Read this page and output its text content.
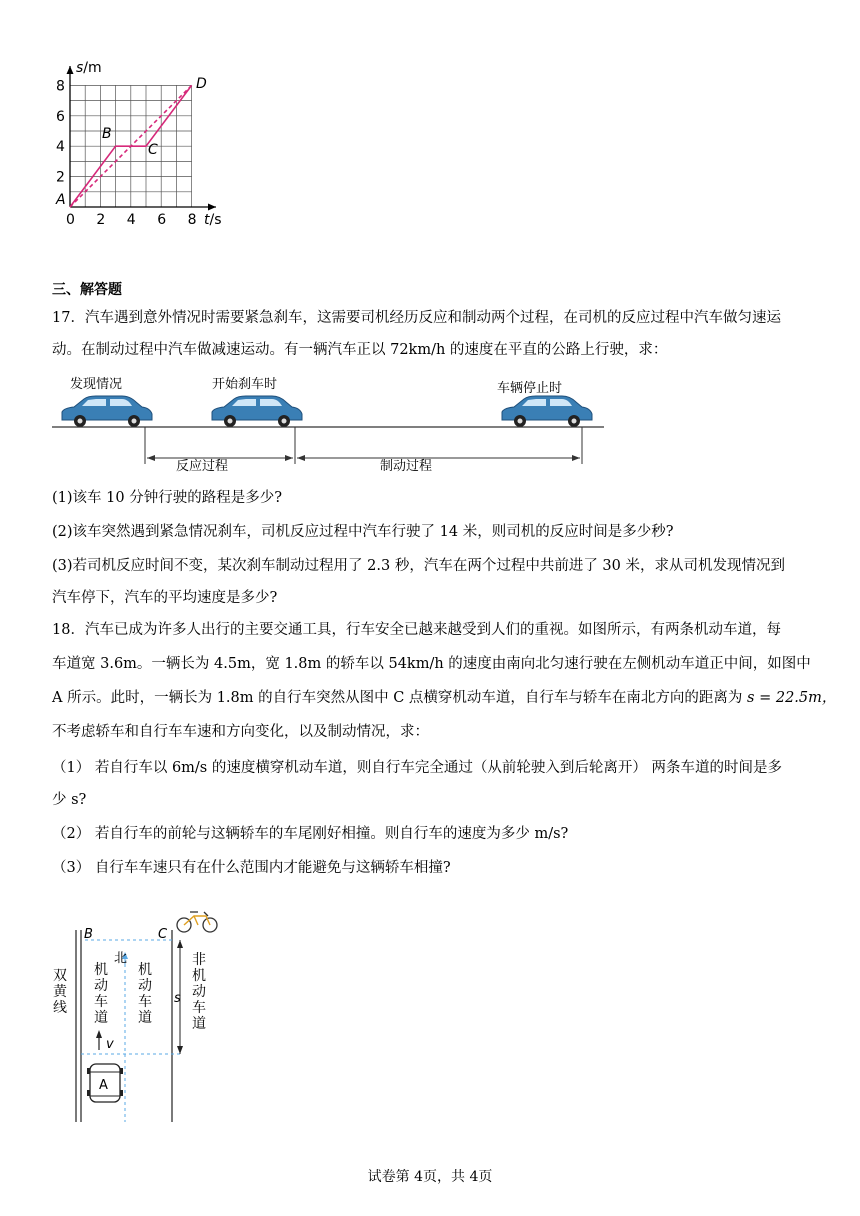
s/m
t/s
8
6
4
2
0 2 4 6 8
A
B
C
D
三、解答题
17．汽车遇到意外情况时需要紧急刹车，这需要司机经历反应和制动两个过程，在司机的反应过程中汽车做匀速运
动。在制动过程中汽车做减速运动。有一辆汽车正以 72km/h 的速度在平直的公路上行驶，求：
发现情况	开始刹车时	车辆停止时
反应过程	制动过程
(1)该车 10 分钟行驶的路程是多少?
(2)该车突然遇到紧急情况刹车，司机反应过程中汽车行驶了 14 米，则司机的反应时间是多少秒?
(3)若司机反应时间不变，某次刹车制动过程用了 2.3 秒，汽车在两个过程中共前进了 30 米，求从司机发现情况到
汽车停下，汽车的平均速度是多少?
18．汽车已成为许多人出行的主要交通工具，行车安全已越来越受到人们的重视。如图所示，有两条机动车道，每
车道宽 3.6m。一辆长为 4.5m，宽 1.8m 的轿车以 54km/h 的速度由南向北匀速行驶在左侧机动车道正中间，如图中
A 所示。此时，一辆长为 1.8m 的自行车突然从图中 C 点横穿机动车道，自行车与轿车在南北方向的距离为 s = 22.5m，
不考虑轿车和自行车车速和方向变化，以及制动情况，求：
（1） 若自行车以 6m/s 的速度横穿机动车道，则自行车完全通过（从前轮驶入到后轮离开） 两条车道的时间是多
少 s?
（2） 若自行车的前轮与这辆轿车的车尾刚好相撞。则自行车的速度为多少 m/s?
（3） 自行车车速只有在什么范围内才能避免与这辆轿车相撞?
北
B	C
s
v
A
双
黄
线
机
动
车
道
机
动
车
道
非
机
动
车
道
试卷第 4页，共 4页
